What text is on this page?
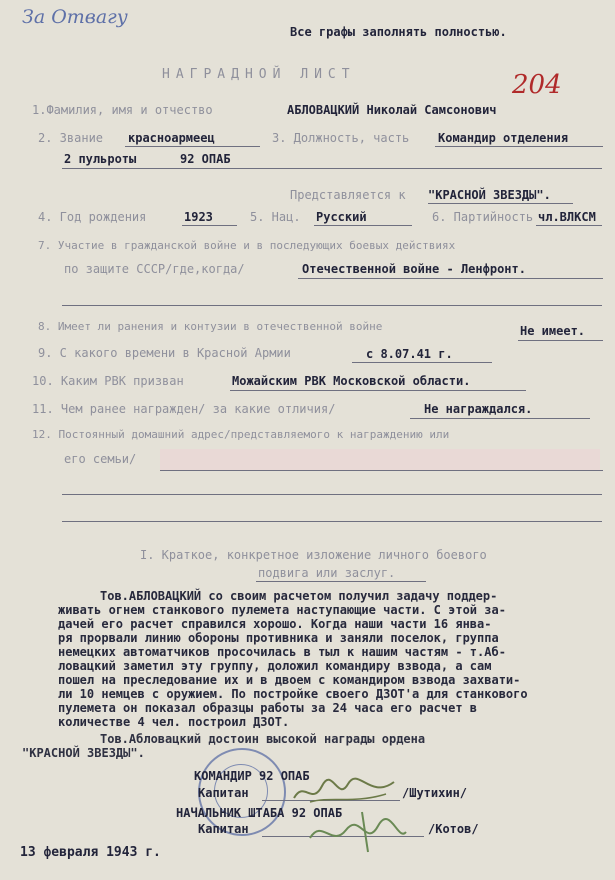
За Отвагу
Все графы заполнять полностью.
НАГРАДНОЙ ЛИСТ	204
1.Фамилия, имя и отчество	АБЛОВАЦКИЙ Николай Самсонович
2. Звание красноармеец	3. Должность, часть Командир отделения
2 пульроты	92 ОПАБ
Представляется к "КРАСНОЙ ЗВЕЗДЫ".
4. Год рождения	1923	5. Нац. Русский	6. Партийность чл.ВЛКСМ
7. Участие в гражданской войне и в последующих боевых действиях
по защите СССР/где,когда/	Отечественной войне - Ленфронт.
8. Имеет ли ранения и контузии в отечественной войне	Не имеет.
9. С какого времени в Красной Армии	с 8.07.41 г.
10. Каким РВК призван	Можайским РВК Московской области.
11. Чем ранее награжден/ за какие отличия/	Не награждался.
12. Постоянный домашний адрес/представляемого к награждению или
его семьи/
I. Краткое, конкретное изложение личного боевого
подвига или заслуг.
Тов.АБЛОВАЦКИЙ со своим расчетом получил задачу поддер-
живать огнем станкового пулемета наступающие части. С этой за-
дачей его расчет справился хорошо. Когда наши части 16 янва-
ря прорвали линию обороны противника и заняли поселок, группа
немецких автоматчиков просочилась в тыл к нашим частям - т.Аб-
ловацкий заметил эту группу, доложил командиру взвода, а сам
пошел на преследование их и в двоем с командиром взвода захвати-
ли 10 немцев с оружием. По постройке своего ДЗОТ'а для станкового
пулемета он показал образцы работы за 24 часа его расчет в
количестве 4 чел. построил ДЗОТ.
Тов.Абловацкий достоин высокой награды ордена
"КРАСНОЙ ЗВЕЗДЫ".
КОМАНДИР 92 ОПАБ
Капитан	/Шутихин/
НАЧАЛЬНИК ШТАБА 92 ОПАБ
Капитан	/Котов/
13 февраля 1943 г.
